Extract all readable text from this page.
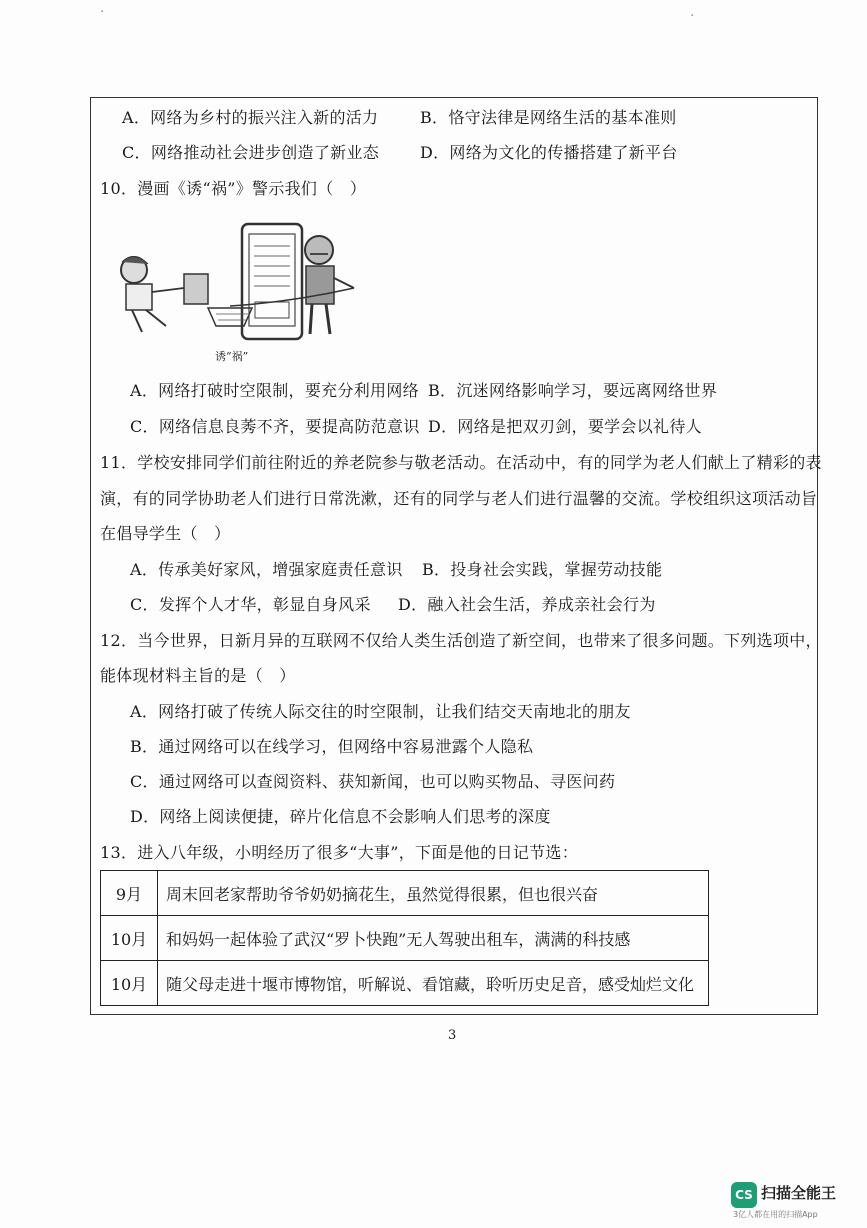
·	·
A．网络为乡村的振兴注入新的活力	B．恪守法律是网络生活的基本准则
C．网络推动社会进步创造了新业态	D．网络为文化的传播搭建了新平台
10．漫画《诱“祸”》警示我们（　）
诱“祸”
A．网络打破时空限制，要充分利用网络 B．沉迷网络影响学习，要远离网络世界
C．网络信息良莠不齐，要提高防范意识 D．网络是把双刃剑，要学会以礼待人
11．学校安排同学们前往附近的养老院参与敬老活动。在活动中，有的同学为老人们献上了精彩的表
演，有的同学协助老人们进行日常洗漱，还有的同学与老人们进行温馨的交流。学校组织这项活动旨
在倡导学生（　）
A．传承美好家风，增强家庭责任意识 B．投身社会实践，掌握劳动技能
C．发挥个人才华，彰显自身风采 D．融入社会生活，养成亲社会行为
12．当今世界，日新月异的互联网不仅给人类生活创造了新空间，也带来了很多问题。下列选项中，
能体现材料主旨的是（　）
A．网络打破了传统人际交往的时空限制，让我们结交天南地北的朋友
B．通过网络可以在线学习，但网络中容易泄露个人隐私
C．通过网络可以查阅资料、获知新闻，也可以购买物品、寻医问药
D．网络上阅读便捷，碎片化信息不会影响人们思考的深度
13．进入八年级，小明经历了很多“大事”，下面是他的日记节选：
9月	周末回老家帮助爷爷奶奶摘花生，虽然觉得很累，但也很兴奋
10月	和妈妈一起体验了武汉“罗卜快跑”无人驾驶出租车，满满的科技感
10月	随父母走进十堰市博物馆，听解说、看馆藏，聆听历史足音，感受灿烂文化
3
CS 扫描全能王
3亿人都在用的扫描App
